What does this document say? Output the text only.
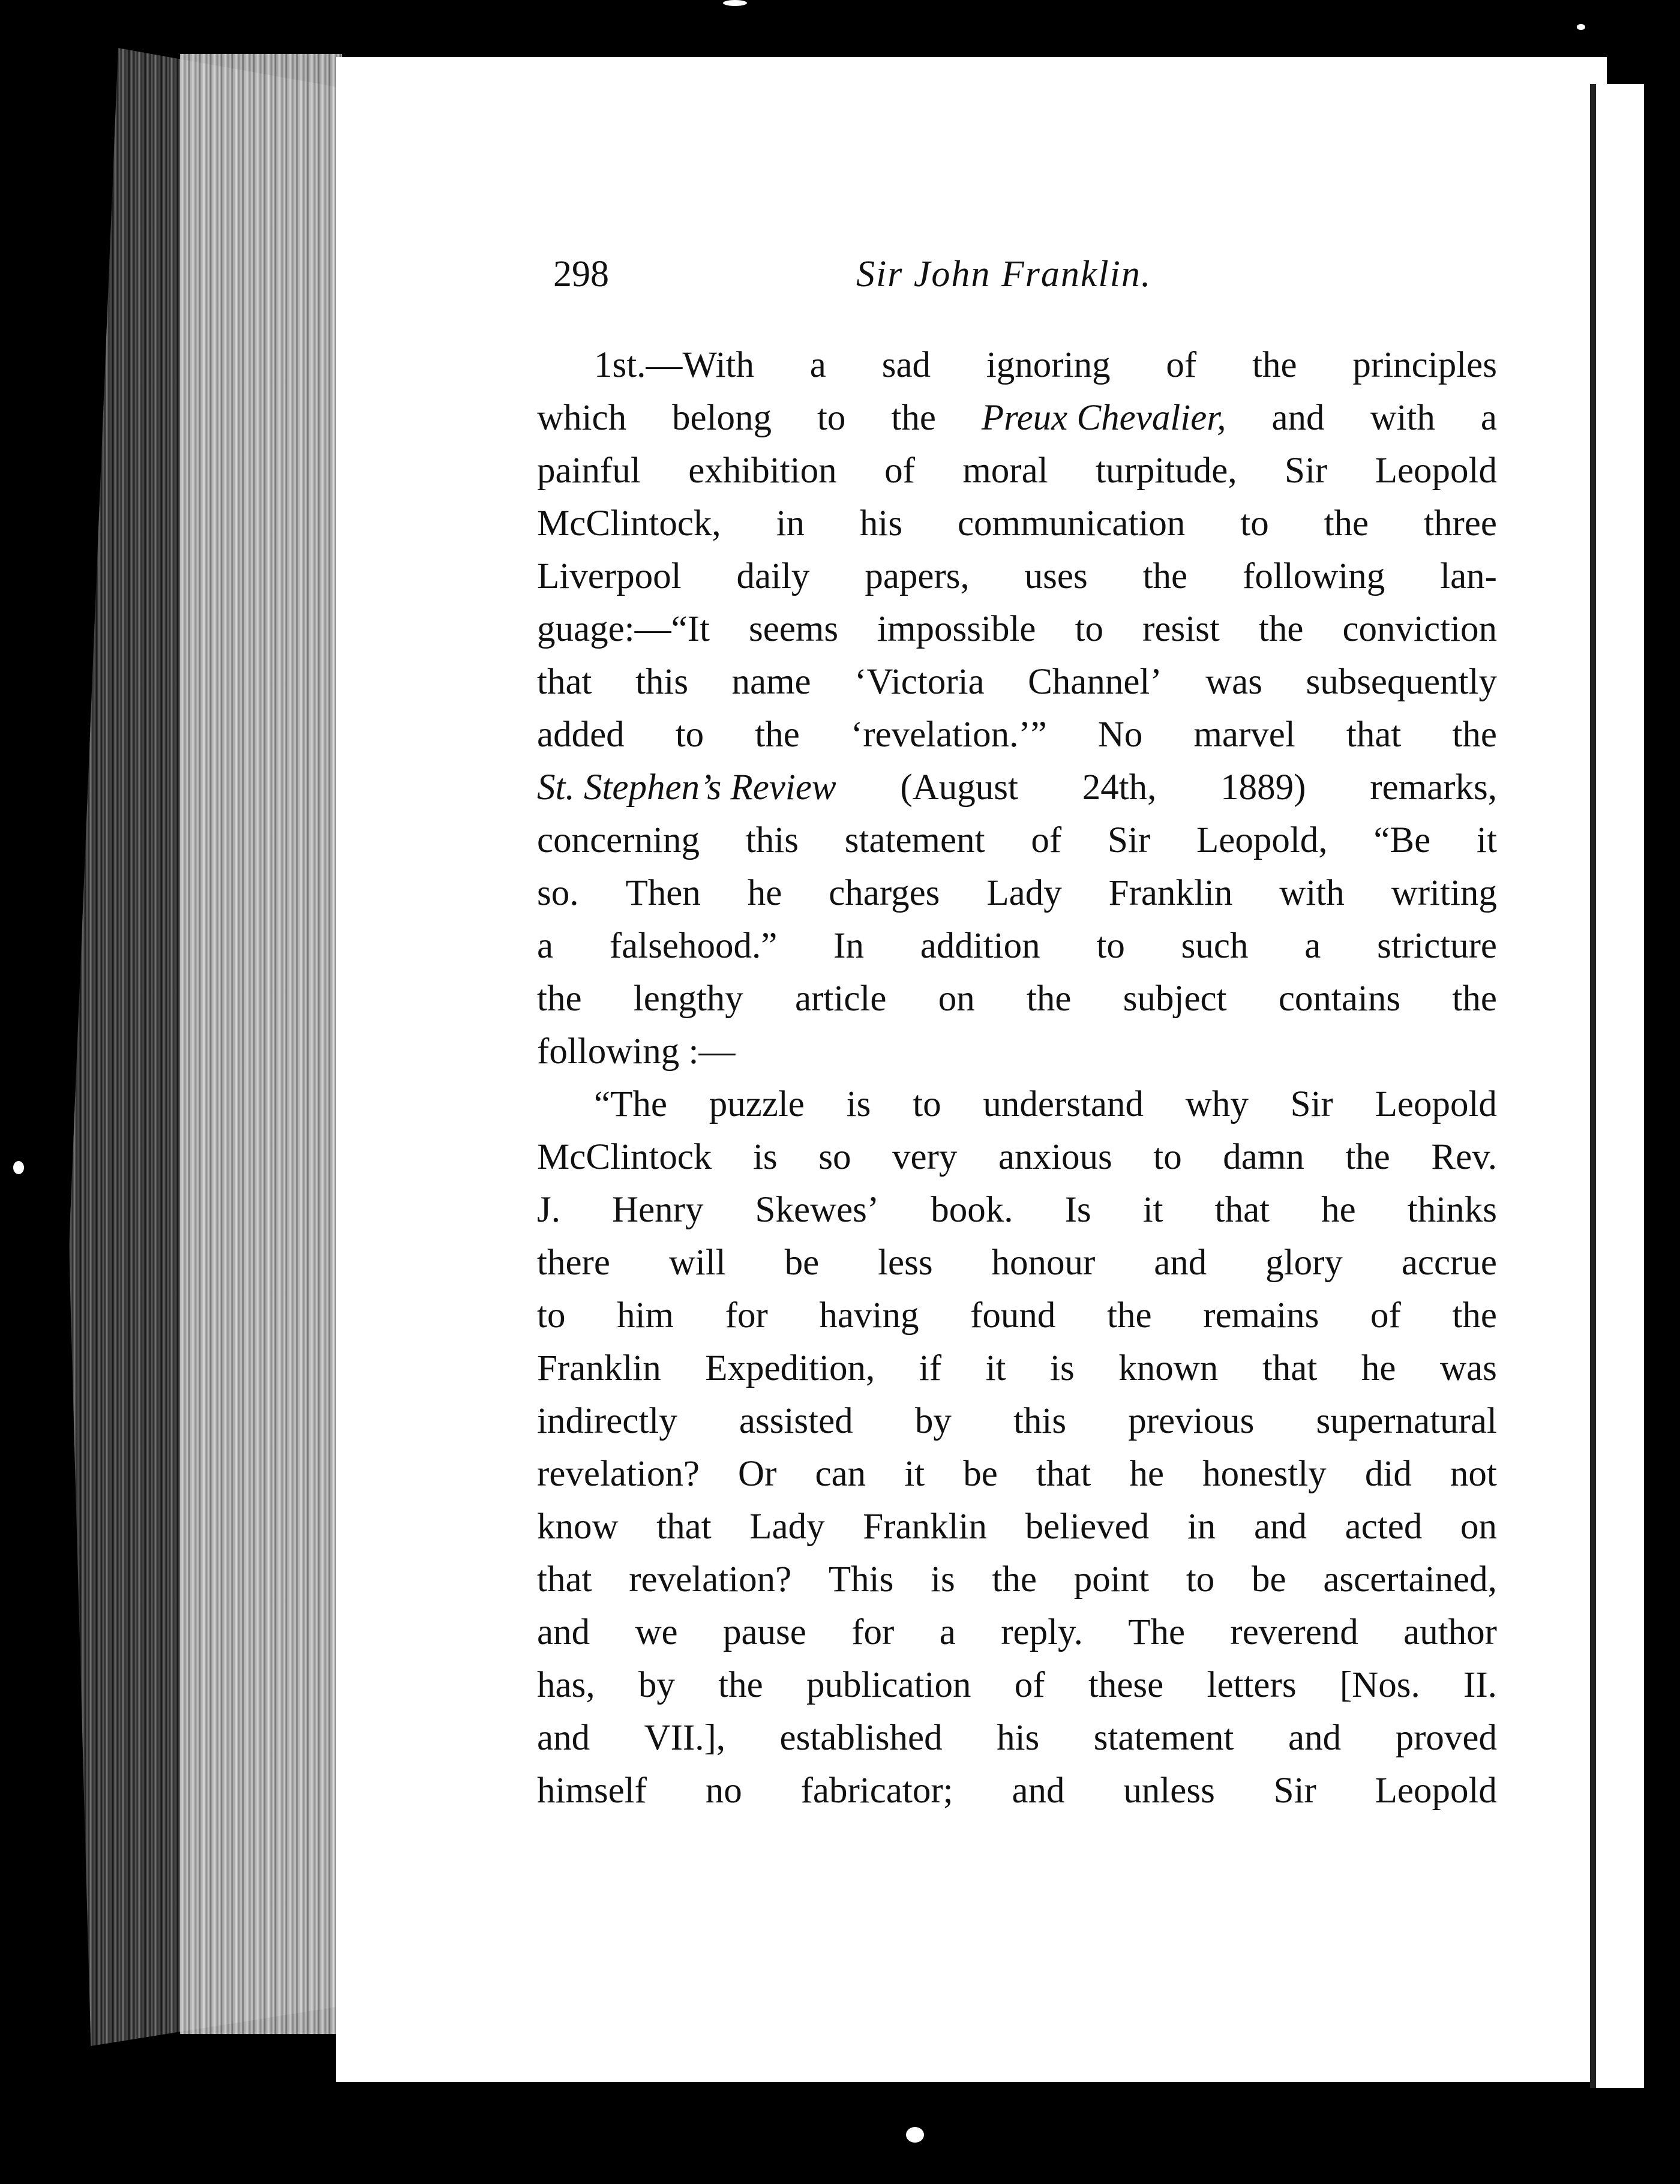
298	Sir John Franklin.
1st.—With a sad ignoring of the principles
which belong to the Preux Chevalier, and with a
painful exhibition of moral turpitude, Sir Leopold
McClintock, in his communication to the three
Liverpool daily papers, uses the following lan-
guage:—“It seems impossible to resist the conviction
that this name ‘Victoria Channel’ was subsequently
added to the ‘revelation.’” No marvel that the
St. Stephen’s Review (August 24th, 1889) remarks,
concerning this statement of Sir Leopold, “Be it
so. Then he charges Lady Franklin with writing
a falsehood.” In addition to such a stricture
the lengthy article on the subject contains the
following :—
“The puzzle is to understand why Sir Leopold
McClintock is so very anxious to damn the Rev.
J. Henry Skewes’ book. Is it that he thinks
there will be less honour and glory accrue
to him for having found the remains of the
Franklin Expedition, if it is known that he was
indirectly assisted by this previous supernatural
revelation? Or can it be that he honestly did not
know that Lady Franklin believed in and acted on
that revelation? This is the point to be ascertained,
and we pause for a reply. The reverend author
has, by the publication of these letters [Nos. II.
and VII.], established his statement and proved
himself no fabricator; and unless Sir Leopold
